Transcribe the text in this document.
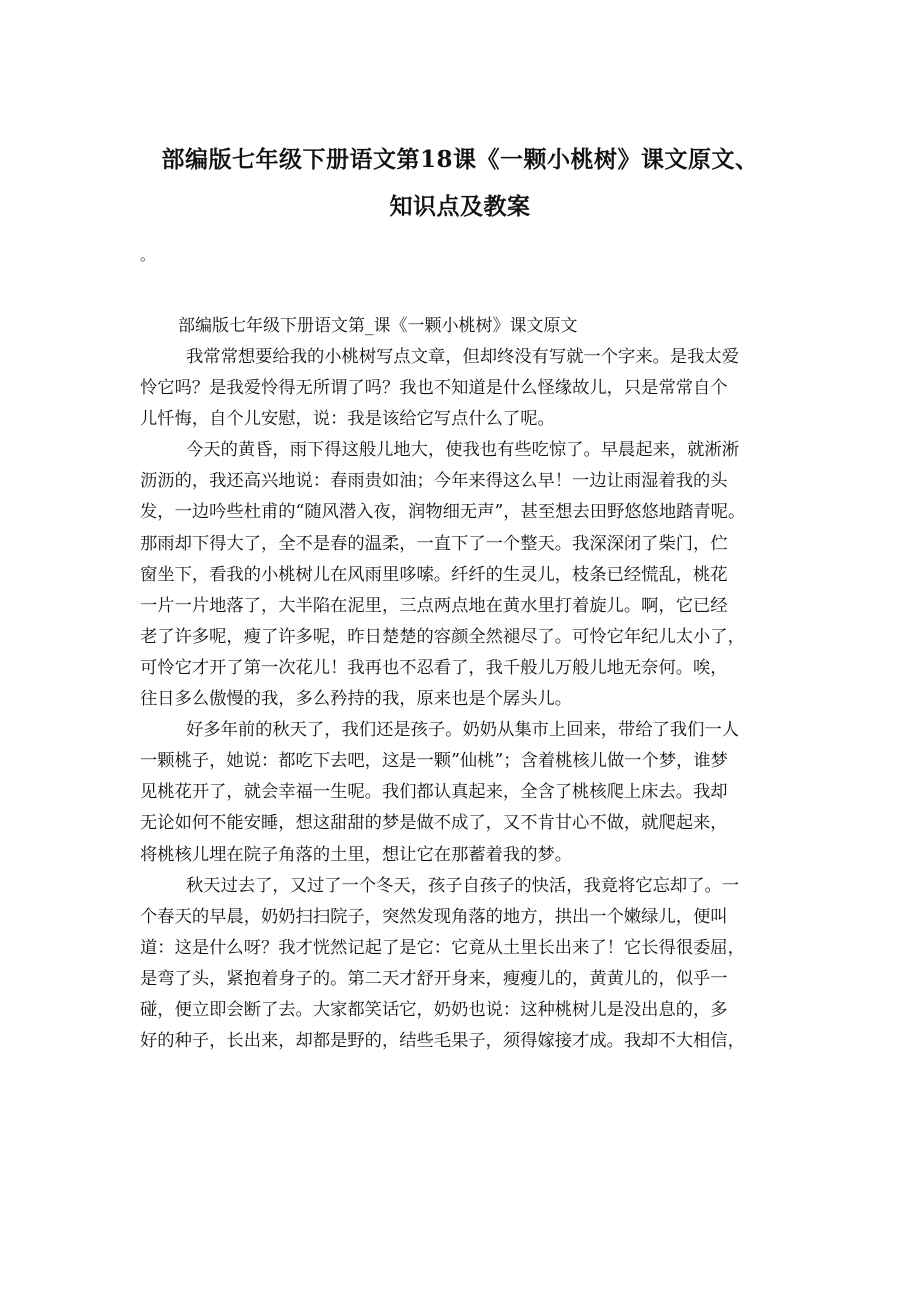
部编版七年级下册语文第18课《一颗小桃树》课文原文、
知识点及教案
。
部编版七年级下册语文第_课《一颗小桃树》课文原文
我常常想要给我的小桃树写点文章，但却终没有写就一个字来。是我太爱
怜它吗？是我爱怜得无所谓了吗？我也不知道是什么怪缘故儿，只是常常自个
儿忏悔，自个儿安慰，说：我是该给它写点什么了呢。
今天的黄昏，雨下得这般儿地大，使我也有些吃惊了。早晨起来，就淅淅
沥沥的，我还高兴地说：春雨贵如油；今年来得这么早！一边让雨湿着我的头
发，一边吟些杜甫的“随风潜入夜，润物细无声”，甚至想去田野悠悠地踏青呢。
那雨却下得大了，全不是春的温柔，一直下了一个整天。我深深闭了柴门，伫
窗坐下，看我的小桃树儿在风雨里哆嗦。纤纤的生灵儿，枝条已经慌乱，桃花
一片一片地落了，大半陷在泥里，三点两点地在黄水里打着旋儿。啊，它已经
老了许多呢，瘦了许多呢，昨日楚楚的容颜全然褪尽了。可怜它年纪儿太小了，
可怜它才开了第一次花儿！我再也不忍看了，我千般儿万般儿地无奈何。唉，
往日多么傲慢的我，多么矜持的我，原来也是个孱头儿。
好多年前的秋天了，我们还是孩子。奶奶从集市上回来，带给了我们一人
一颗桃子，她说：都吃下去吧，这是一颗”仙桃”；含着桃核儿做一个梦，谁梦
见桃花开了，就会幸福一生呢。我们都认真起来，全含了桃核爬上床去。我却
无论如何不能安睡，想这甜甜的梦是做不成了，又不肯甘心不做，就爬起来，
将桃核儿埋在院子角落的土里，想让它在那蓄着我的梦。
秋天过去了，又过了一个冬天，孩子自孩子的快活，我竟将它忘却了。一
个春天的早晨，奶奶扫扫院子，突然发现角落的地方，拱出一个嫩绿儿，便叫
道：这是什么呀？我才恍然记起了是它：它竟从土里长出来了！它长得很委屈，
是弯了头，紧抱着身子的。第二天才舒开身来，瘦瘦儿的，黄黄儿的，似乎一
碰，便立即会断了去。大家都笑话它，奶奶也说：这种桃树儿是没出息的，多
好的种子，长出来，却都是野的，结些毛果子，须得嫁接才成。我却不大相信，
